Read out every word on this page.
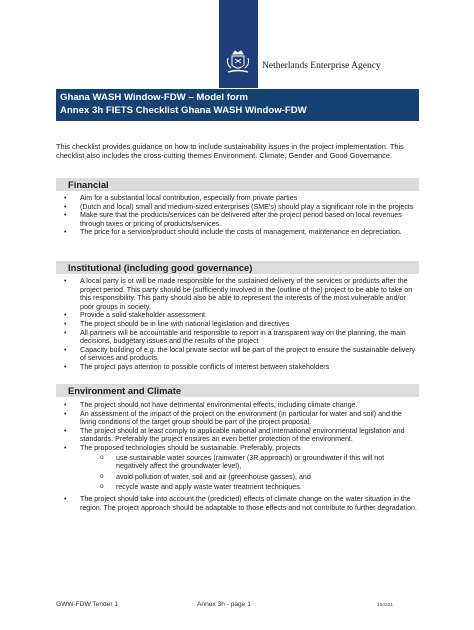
Netherlands Enterprise Agency
Ghana WASH Window-FDW – Model form
Annex 3h FIETS Checklist Ghana WASH Window-FDW
This checklist provides guidance on how to include sustainability issues in the project implementation. This checklist also includes the cross-cutting themes Environment. Climate, Gender and Good Governance.
Financial
• Aim for a substantial local contribution, especially from private parties
• (Dutch and local) small and medium-sized enterprises (SME’s) should play a significant role in the projects
• Make sure that the products/services can be delivered after the project period based on local revenues through taxes or pricing of products/services.
• The price for a service/product should include the costs of management, maintenance en depreciation.
Institutional (including good governance)
• A local party is or will be made responsible for the sustained delivery of the services or products after the project period. This party should be (sufficiently involved in the (outline of the) project to be able to take on this responsibility. This party should also be able to represent the interests of the most vulnerable and/or poor groups in society.
• Provide a solid stakeholder assessment.
• The project should be in line with national legislation and directives
• All partners will be accountable and responsible to report in a transparent way on the planning, the main decisions, budgetary issues and the results of the project
• Capacity building of e.g. the local private sector will be part of the project to ensure the sustainable delivery of services and products.
• The project pays attention to possible conflicts of interest between stakeholders
Environment and Climate
• The project should not have detrimental environmental effects, including climate change.
• An assessment of the impact of the project on the environment (in particular for water and soil) and the living conditions of the target group should be part of the project proposal.
• The project should at least comply to applicable national and international environmental legislation and standards. Preferably the project ensures an even better protection of the environment.
• The proposed technologies should be sustainable. Preferably, projects
o use sustainable water sources (rainwater (3R approach) or groundwater if this will not negatively affect the groundwater level),
o avoid pollution of water, soil and air (greenhouse gasses), and
o recycle waste and apply waste water treatment techniques.
• The project should take into account the (predicted) effects of climate change on the water situation in the region. The project approach should be adaptable to those effects and not contribute to further degradation.
GWW-FDW Tender 1	Annex 3h - page 1	150331
